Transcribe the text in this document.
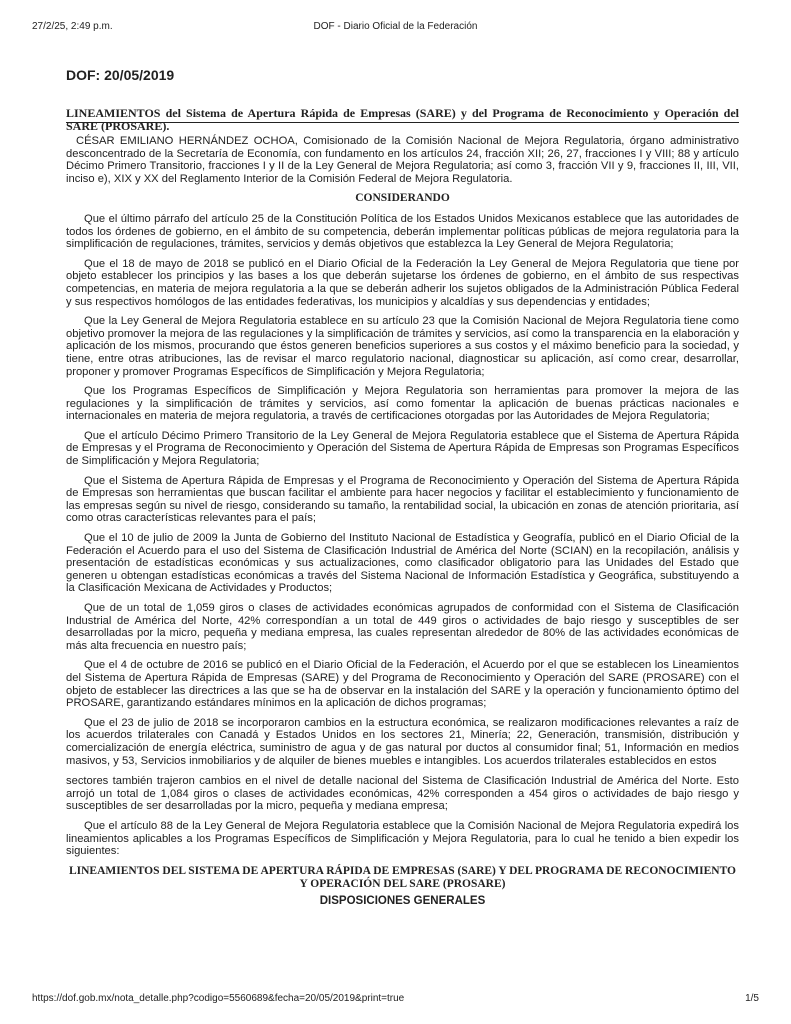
27/2/25, 2:49 p.m.	DOF - Diario Oficial de la Federación
DOF: 20/05/2019
LINEAMIENTOS del Sistema de Apertura Rápida de Empresas (SARE) y del Programa de Reconocimiento y Operación del SARE (PROSARE).

CÉSAR EMILIANO HERNÁNDEZ OCHOA, Comisionado de la Comisión Nacional de Mejora Regulatoria, órgano administrativo desconcentrado de la Secretaría de Economía, con fundamento en los artículos 24, fracción XII; 26, 27, fracciones I y VIII; 88 y artículo Décimo Primero Transitorio, fracciones I y II de la Ley General de Mejora Regulatoria; así como 3, fracción VII y 9, fracciones II, III, VII, inciso e), XIX y XX del Reglamento Interior de la Comisión Federal de Mejora Regulatoria.

CONSIDERANDO

Que el último párrafo del artículo 25 de la Constitución Política de los Estados Unidos Mexicanos establece que las autoridades de todos los órdenes de gobierno, en el ámbito de su competencia, deberán implementar políticas públicas de mejora regulatoria para la simplificación de regulaciones, trámites, servicios y demás objetivos que establezca la Ley General de Mejora Regulatoria;

Que el 18 de mayo de 2018 se publicó en el Diario Oficial de la Federación la Ley General de Mejora Regulatoria que tiene por objeto establecer los principios y las bases a los que deberán sujetarse los órdenes de gobierno, en el ámbito de sus respectivas competencias, en materia de mejora regulatoria a la que se deberán adherir los sujetos obligados de la Administración Pública Federal y sus respectivos homólogos de las entidades federativas, los municipios y alcaldías y sus dependencias y entidades;

Que la Ley General de Mejora Regulatoria establece en su artículo 23 que la Comisión Nacional de Mejora Regulatoria tiene como objetivo promover la mejora de las regulaciones y la simplificación de trámites y servicios, así como la transparencia en la elaboración y aplicación de los mismos, procurando que éstos generen beneficios superiores a sus costos y el máximo beneficio para la sociedad, y tiene, entre otras atribuciones, las de revisar el marco regulatorio nacional, diagnosticar su aplicación, así como crear, desarrollar, proponer y promover Programas Específicos de Simplificación y Mejora Regulatoria;

Que los Programas Específicos de Simplificación y Mejora Regulatoria son herramientas para promover la mejora de las regulaciones y la simplificación de trámites y servicios, así como fomentar la aplicación de buenas prácticas nacionales e internacionales en materia de mejora regulatoria, a través de certificaciones otorgadas por las Autoridades de Mejora Regulatoria;

Que el artículo Décimo Primero Transitorio de la Ley General de Mejora Regulatoria establece que el Sistema de Apertura Rápida de Empresas y el Programa de Reconocimiento y Operación del Sistema de Apertura Rápida de Empresas son Programas Específicos de Simplificación y Mejora Regulatoria;

Que el Sistema de Apertura Rápida de Empresas y el Programa de Reconocimiento y Operación del Sistema de Apertura Rápida de Empresas son herramientas que buscan facilitar el ambiente para hacer negocios y facilitar el establecimiento y funcionamiento de las empresas según su nivel de riesgo, considerando su tamaño, la rentabilidad social, la ubicación en zonas de atención prioritaria, así como otras características relevantes para el país;

Que el 10 de julio de 2009 la Junta de Gobierno del Instituto Nacional de Estadística y Geografía, publicó en el Diario Oficial de la Federación el Acuerdo para el uso del Sistema de Clasificación Industrial de América del Norte (SCIAN) en la recopilación, análisis y presentación de estadísticas económicas y sus actualizaciones, como clasificador obligatorio para las Unidades del Estado que generen u obtengan estadísticas económicas a través del Sistema Nacional de Información Estadística y Geográfica, substituyendo a la Clasificación Mexicana de Actividades y Productos;

Que de un total de 1,059 giros o clases de actividades económicas agrupados de conformidad con el Sistema de Clasificación Industrial de América del Norte, 42% correspondían a un total de 449 giros o actividades de bajo riesgo y susceptibles de ser desarrolladas por la micro, pequeña y mediana empresa, las cuales representan alrededor de 80% de las actividades económicas de más alta frecuencia en nuestro país;

Que el 4 de octubre de 2016 se publicó en el Diario Oficial de la Federación, el Acuerdo por el que se establecen los Lineamientos del Sistema de Apertura Rápida de Empresas (SARE) y del Programa de Reconocimiento y Operación del SARE (PROSARE) con el objeto de establecer las directrices a las que se ha de observar en la instalación del SARE y la operación y funcionamiento óptimo del PROSARE, garantizando estándares mínimos en la aplicación de dichos programas;

Que el 23 de julio de 2018 se incorporaron cambios en la estructura económica, se realizaron modificaciones relevantes a raíz de los acuerdos trilaterales con Canadá y Estados Unidos en los sectores 21, Minería; 22, Generación, transmisión, distribución y comercialización de energía eléctrica, suministro de agua y de gas natural por ductos al consumidor final; 51, Información en medios masivos, y 53, Servicios inmobiliarios y de alquiler de bienes muebles e intangibles. Los acuerdos trilaterales establecidos en estos

sectores también trajeron cambios en el nivel de detalle nacional del Sistema de Clasificación Industrial de América del Norte. Esto arrojó un total de 1,084 giros o clases de actividades económicas, 42% corresponden a 454 giros o actividades de bajo riesgo y susceptibles de ser desarrolladas por la micro, pequeña y mediana empresa;

Que el artículo 88 de la Ley General de Mejora Regulatoria establece que la Comisión Nacional de Mejora Regulatoria expedirá los lineamientos aplicables a los Programas Específicos de Simplificación y Mejora Regulatoria, para lo cual he tenido a bien expedir los siguientes:

LINEAMIENTOS DEL SISTEMA DE APERTURA RÁPIDA DE EMPRESAS (SARE) Y DEL PROGRAMA DE RECONOCIMIENTO Y OPERACIÓN DEL SARE (PROSARE)
DISPOSICIONES GENERALES
https://dof.gob.mx/nota_detalle.php?codigo=5560689&fecha=20/05/2019&print=true	1/5
